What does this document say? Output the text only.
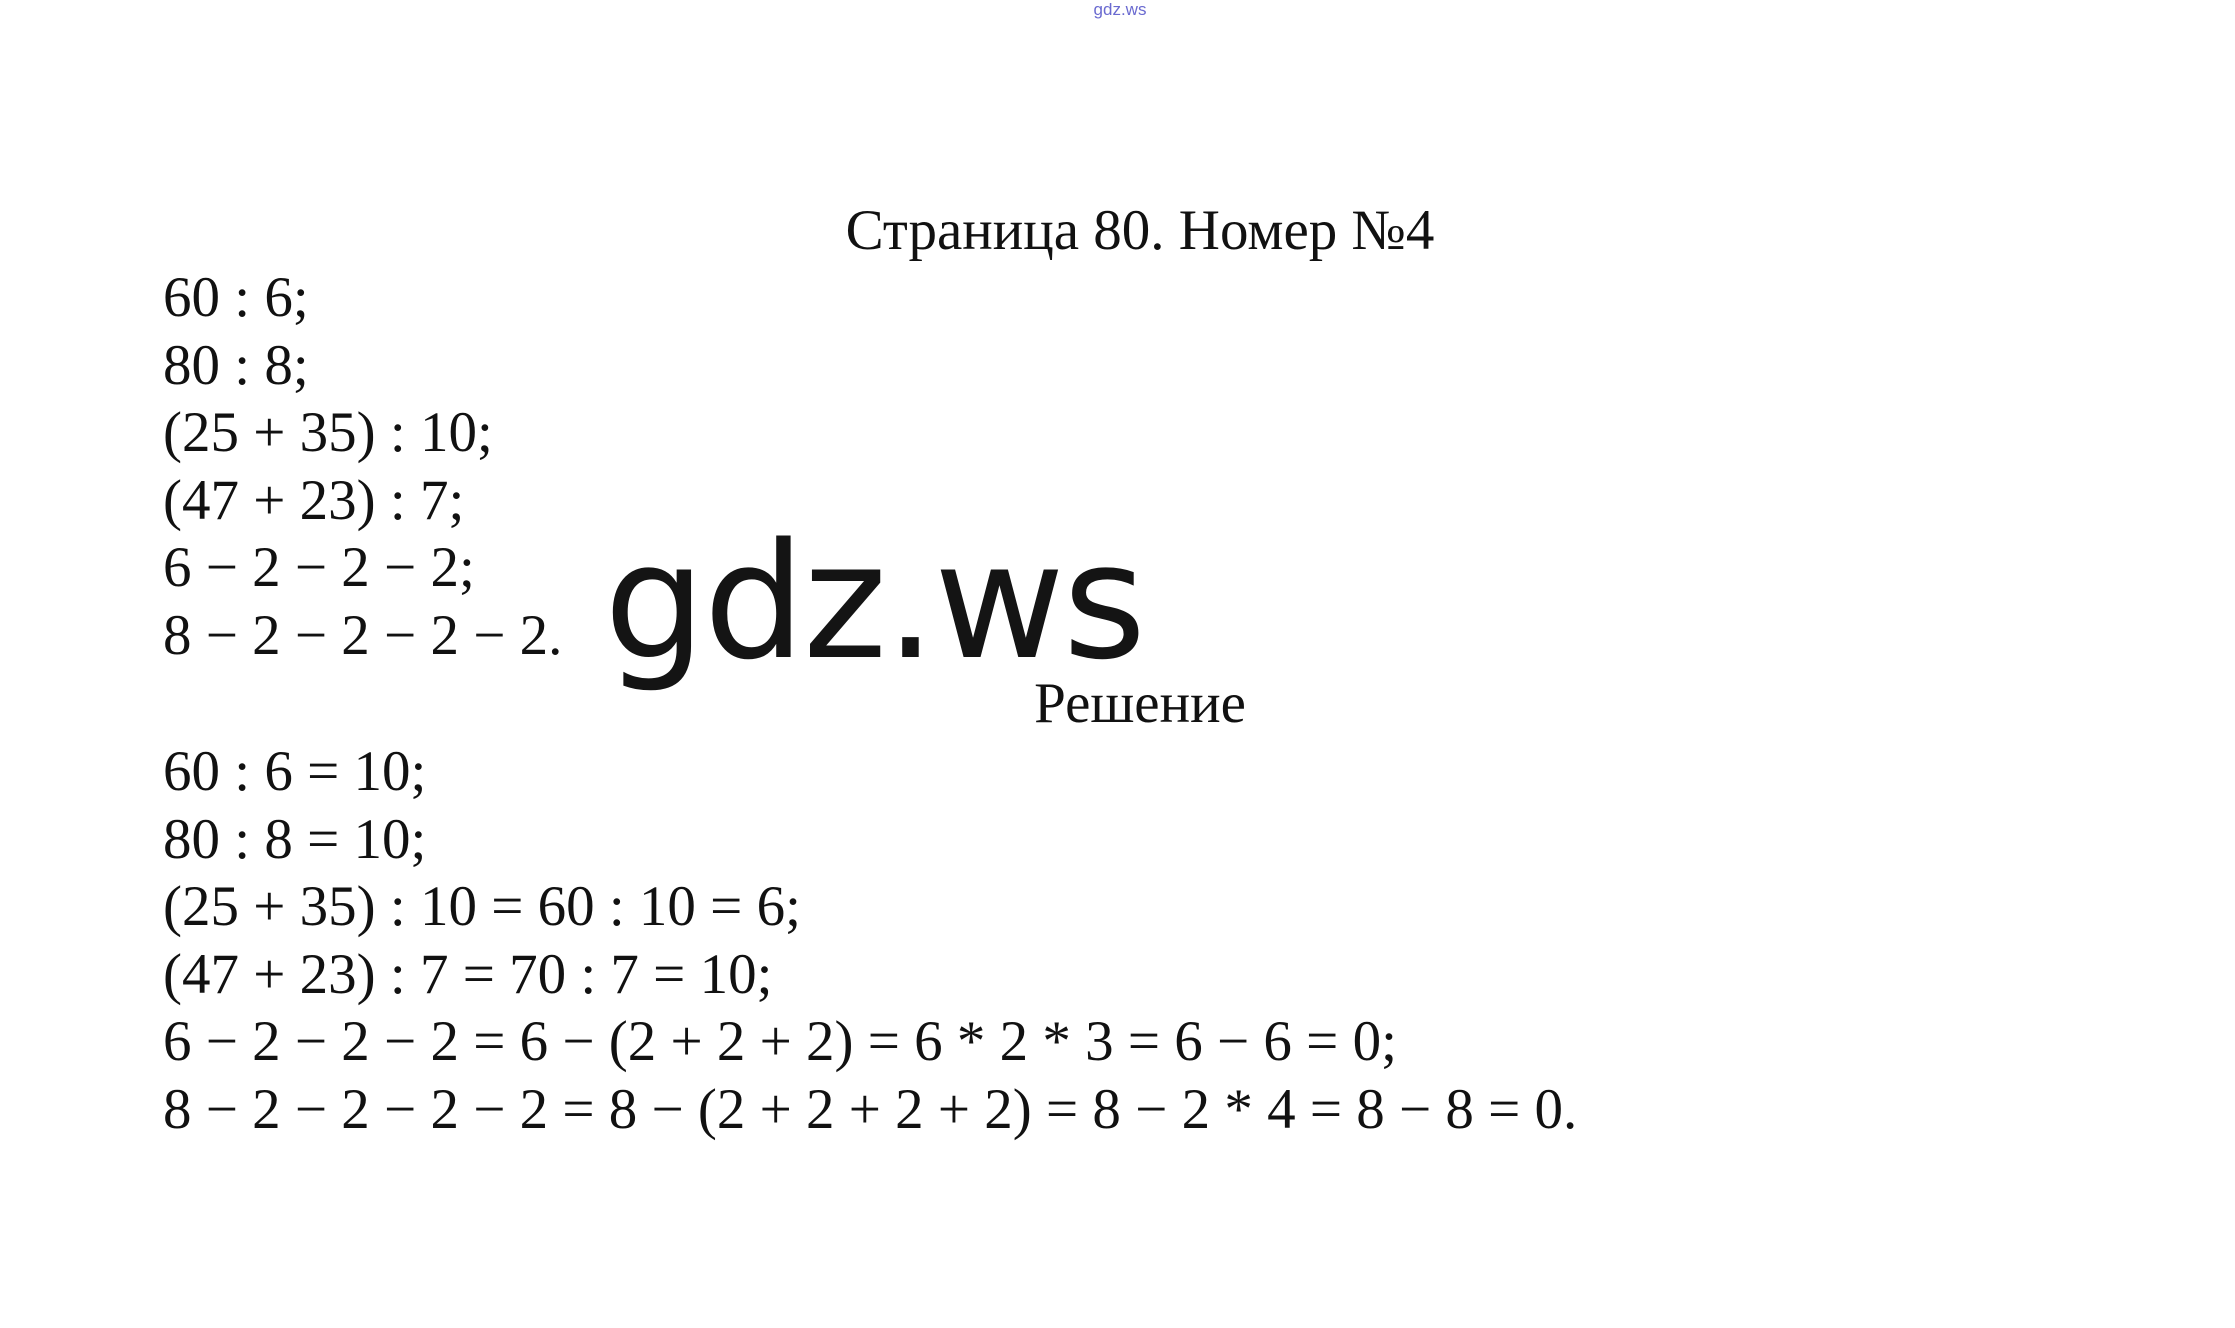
gdz.ws
Страница 80. Номер №4
60 : 6;
80 : 8;
(25 + 35) : 10;
(47 + 23) : 7;
6 − 2 − 2 − 2;
8 − 2 − 2 − 2 − 2. gdz.ws
Решение
60 : 6 = 10;
80 : 8 = 10;
(25 + 35) : 10 = 60 : 10 = 6;
(47 + 23) : 7 = 70 : 7 = 10;
6 − 2 − 2 − 2 = 6 − (2 + 2 + 2) = 6 * 2 * 3 = 6 − 6 = 0;
8 − 2 − 2 − 2 − 2 = 8 − (2 + 2 + 2 + 2) = 8 − 2 * 4 = 8 − 8 = 0.
